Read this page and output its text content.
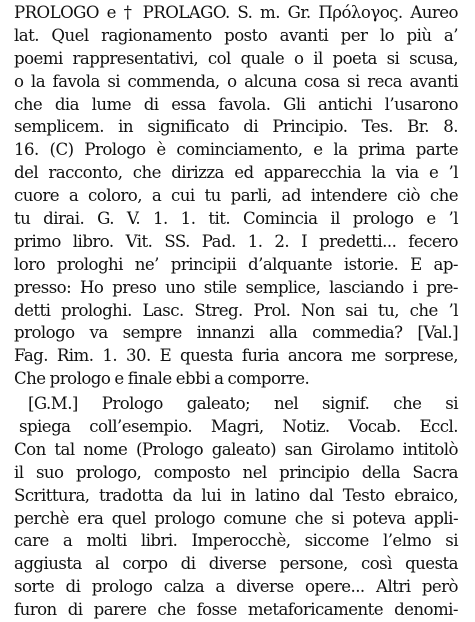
PROLOGO e † PROLAGO. S. m. Gr. Πρόλογος. Aureo
lat. Quel ragionamento posto avanti per lo più a’
poemi rappresentativi, col quale o il poeta si scusa,
o la favola si commenda, o alcuna cosa si reca avanti
che dia lume di essa favola. Gli antichi l’usarono
semplicem. in significato di Principio. Tes. Br. 8.
16. (C) Prologo è cominciamento, e la prima parte
del racconto, che dirizza ed apparecchia la via e ’l
cuore a coloro, a cui tu parli, ad intendere ciò che
tu dirai. G. V. 1. 1. tit. Comincia il prologo e ’l
primo libro. Vit. SS. Pad. 1. 2. I predetti... fecero
loro prologhi ne’ principii d’alquante istorie. E ap-
presso: Ho preso uno stile semplice, lasciando i pre-
detti prologhi. Lasc. Streg. Prol. Non sai tu, che ’l
prologo va sempre innanzi alla commedia? [Val.]
Fag. Rim. 1. 30. E questa furia ancora me sorprese,
Che prologo e finale ebbi a comporre.
[G.M.] Prologo galeato; nel signif. che si
spiega coll’esempio. Magri, Notiz. Vocab. Eccl.
Con tal nome (Prologo galeato) san Girolamo intitolò
il suo prologo, composto nel principio della Sacra
Scrittura, tradotta da lui in latino dal Testo ebraico,
perchè era quel prologo comune che si poteva appli-
care a molti libri. Imperocchè, siccome l’elmo si
aggiusta al corpo di diverse persone, così questa
sorte di prologo calza a diverse opere... Altri però
furon di parere che fosse metaforicamente denomi-
